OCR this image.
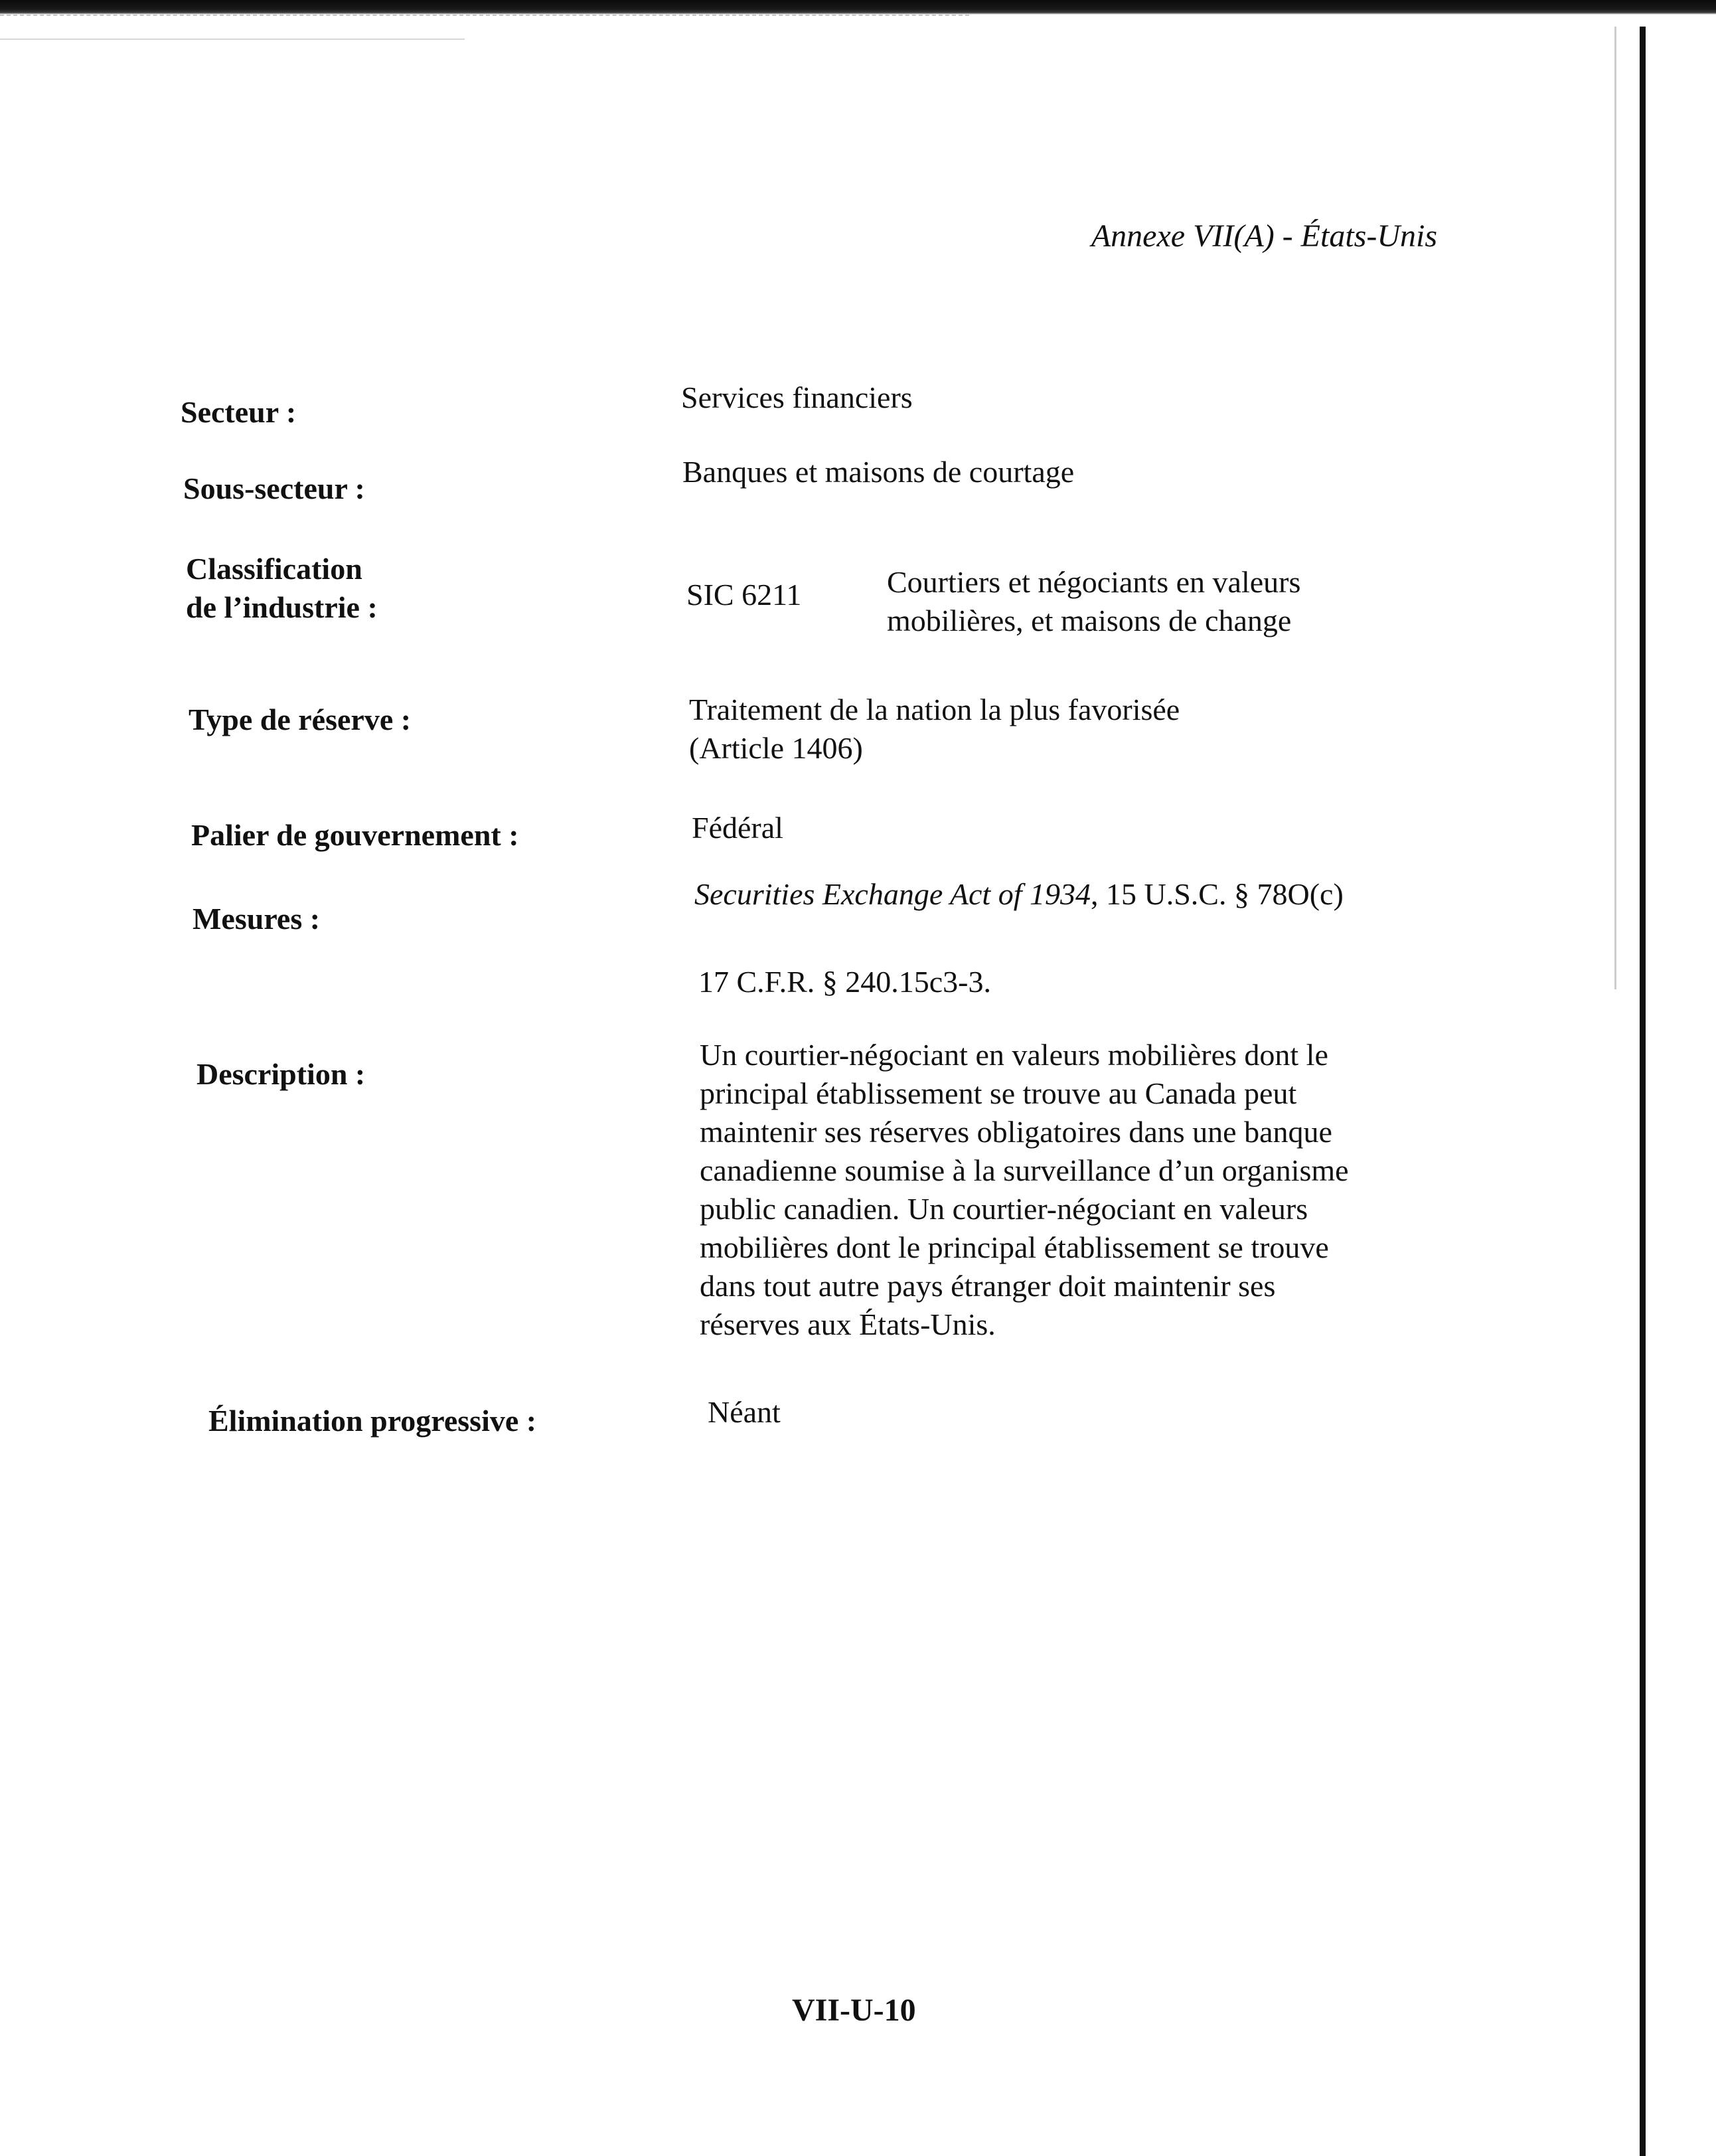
Annexe VII(A) - États-Unis
Secteur :	Services financiers
Sous-secteur :	Banques et maisons de courtage
Classification
de l’industrie :	SIC 6211	Courtiers et négociants en valeurs
mobilières, et maisons de change
Type de réserve :	Traitement de la nation la plus favorisée
(Article 1406)
Palier de gouvernement :	Fédéral
Mesures :
Securities Exchange Act of 1934, 15 U.S.C. § 78O(c)
17 C.F.R. § 240.15c3-3.
Description :
Un courtier-négociant en valeurs mobilières dont le
principal établissement se trouve au Canada peut
maintenir ses réserves obligatoires dans une banque
canadienne soumise à la surveillance d’un organisme
public canadien. Un courtier-négociant en valeurs
mobilières dont le principal établissement se trouve
dans tout autre pays étranger doit maintenir ses
réserves aux États-Unis.
Élimination progressive :	Néant
VII-U-10
